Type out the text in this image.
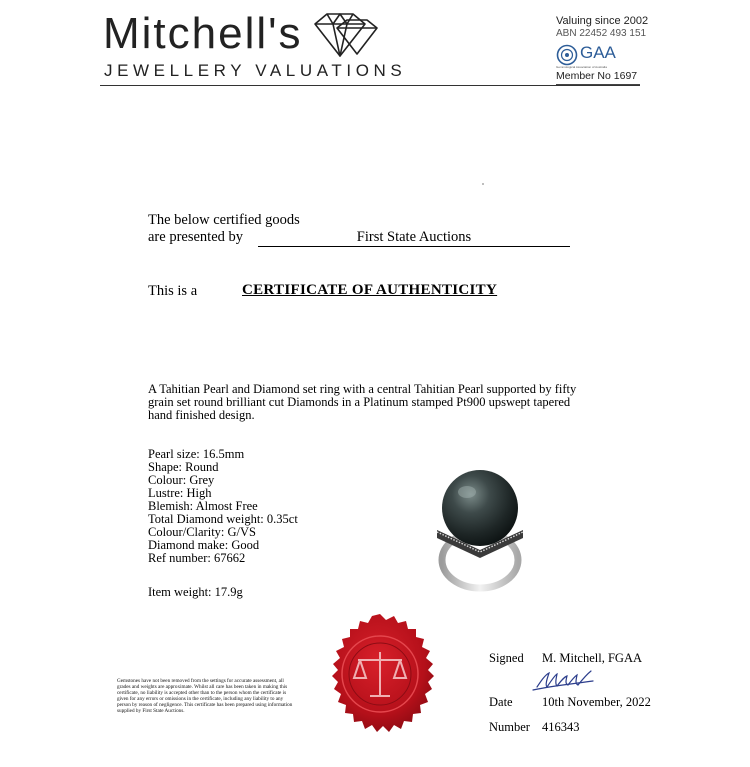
Mitchell's
JEWELLERY VALUATIONS
Valuing since 2002
ABN 22452 493 151
GAA
Gemmological Association of Australia
Member No 1697
The below certified goods
are presented by	First State Auctions
This is a	CERTIFICATE OF AUTHENTICITY
A Tahitian Pearl and Diamond set ring with a central Tahitian Pearl supported by fifty grain set round brilliant cut Diamonds in a Platinum stamped Pt900 upswept tapered hand finished design.
Pearl size: 16.5mm
Shape: Round
Colour: Grey
Lustre: High
Blemish: Almost Free
Total Diamond weight: 0.35ct
Colour/Clarity: G/VS
Diamond make: Good
Ref number: 67662
Item weight: 17.9g
Gemstones have not been removed from the settings for accurate assessment, all grades and weights are approximate. Whilst all care has been taken in making this certificate, no liability is accepted other than to the person whom the certificate is given for any errors or omissions in the certificate, including any liability to any person by reason of negligence. This certificate has been prepared using information supplied by First State Auctions.
Signed M. Mitchell, FGAA
Date 10th November, 2022
Number 416343
